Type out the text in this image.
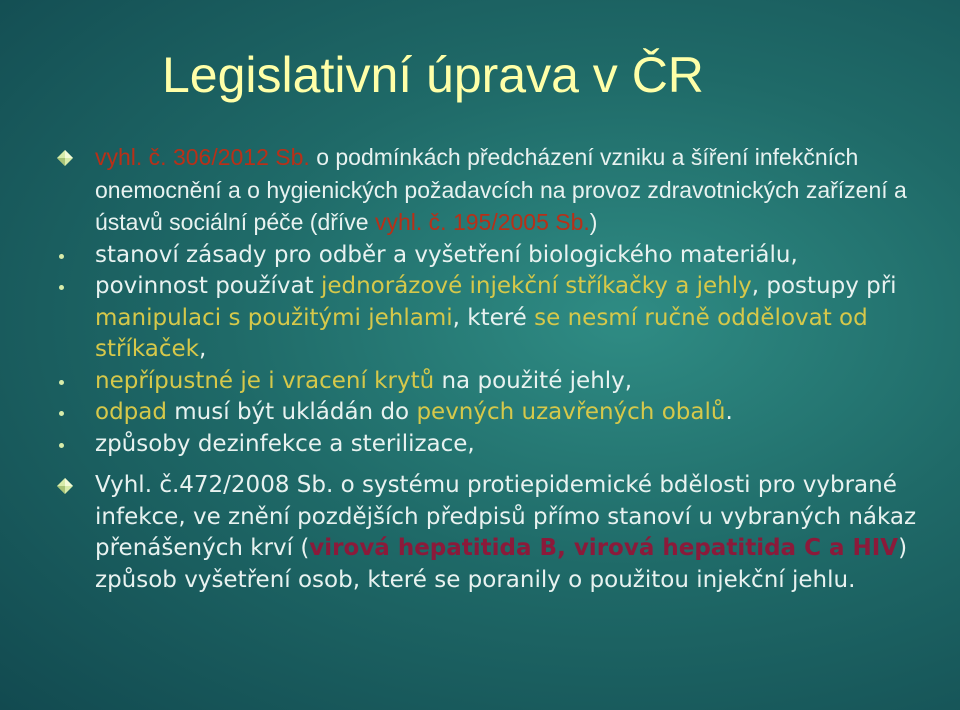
Legislativní úprava v ČR
vyhl. č. 306/2012 Sb. o podmínkách předcházení vzniku a šíření infekčních onemocnění a o hygienických požadavcích na provoz zdravotnických zařízení a ústavů sociální péče (dříve vyhl. č. 195/2005 Sb.)
stanoví zásady pro odběr a vyšetření biologického materiálu,
povinnost používat jednorázové injekční stříkačky a jehly, postupy při manipulaci s použitými jehlami, které se nesmí ručně oddělovat od stříkaček,
nepřípustné je i vracení krytů na použité jehly,
odpad musí být ukládán do pevných uzavřených obalů.
způsoby dezinfekce a sterilizace,
Vyhl. č.472/2008 Sb. o systému protiepidemické bdělosti pro vybrané infekce, ve znění pozdějších předpisů přímo stanoví u vybraných nákaz přenášených krví (virová hepatitida B, virová hepatitida C a HIV) způsob vyšetření osob, které se poranily o použitou injekční jehlu.
